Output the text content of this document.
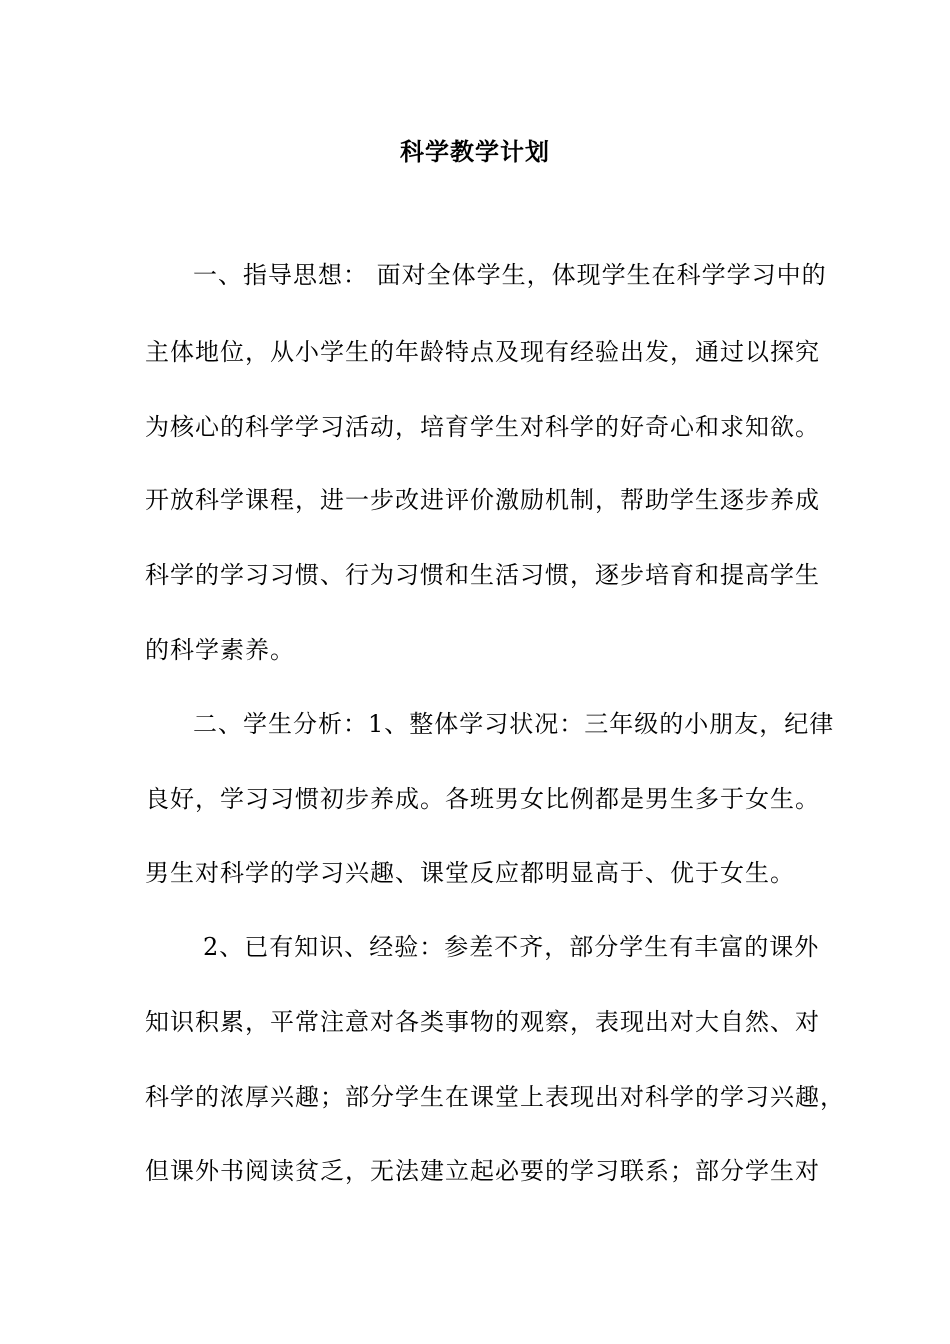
科学教学计划
一、指导思想： 面对全体学生，体现学生在科学学习中的
主体地位，从小学生的年龄特点及现有经验出发，通过以探究
为核心的科学学习活动，培育学生对科学的好奇心和求知欲。
开放科学课程，进一步改进评价激励机制，帮助学生逐步养成
科学的学习习惯、行为习惯和生活习惯，逐步培育和提高学生
的科学素养。
二、学生分析：1、整体学习状况：三年级的小朋友，纪律
良好，学习习惯初步养成。各班男女比例都是男生多于女生。
男生对科学的学习兴趣、课堂反应都明显高于、优于女生。
2、已有知识、经验：参差不齐，部分学生有丰富的课外
知识积累，平常注意对各类事物的观察，表现出对大自然、对
科学的浓厚兴趣；部分学生在课堂上表现出对科学的学习兴趣，
但课外书阅读贫乏，无法建立起必要的学习联系；部分学生对
